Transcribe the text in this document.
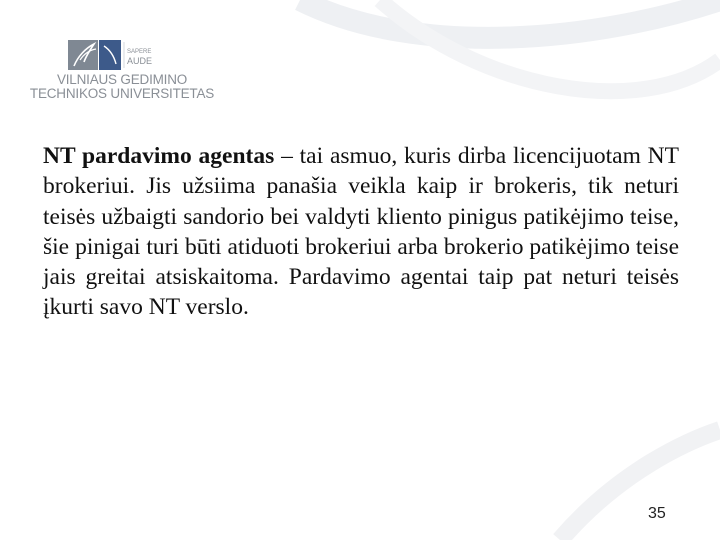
SAPERE
AUDE
VILNIAUS GEDIMINO
TECHNIKOS UNIVERSITETAS

NT pardavimo agentas – tai asmuo, kuris dirba licencijuotam NT brokeriui. Jis užsiima panašia veikla kaip ir brokeris, tik neturi teisės užbaigti sandorio bei valdyti kliento pinigus patikėjimo teise, šie pinigai turi būti atiduoti brokeriui arba brokerio patikėjimo teise jais greitai atsiskaitoma. Pardavimo agentai taip pat neturi teisės įkurti savo NT verslo.

35
